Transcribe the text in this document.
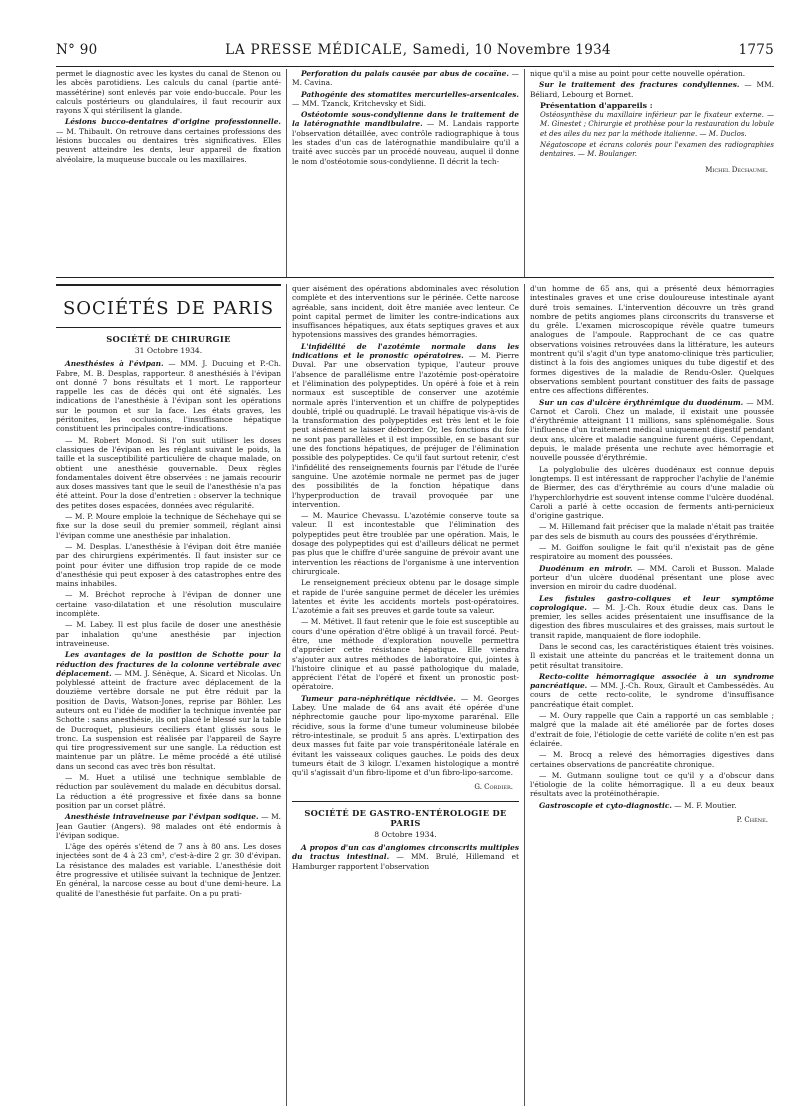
N° 90	LA PRESSE MÉDICALE, Samedi, 10 Novembre 1934	1775

permet le diagnostic avec les kystes du canal de Stenon ou les abcès parotidiens. Les calculs du canal (partie anté-massétérine) sont enlevés par voie endo-buccale. Pour les calculs postérieurs ou glandulaires, il faut recourir aux rayons X qui stérilisent la glande.

Lésions bucco-dentaires d'origine professionnelle. — M. Thibault. On retrouve dans certaines professions des lésions buccales ou dentaires très significatives. Elles peuvent atteindre les dents, leur appareil de fixation alvéolaire, la muqueuse buccale ou les maxillaires.

Perforation du palais causée par abus de cocaïne. — M. Cavina.

Pathogénie des stomatites mercurielles-arsenicales. — MM. Tzanck, Kritchevsky et Sidi.

Ostéotomie sous-condylienne dans le traitement de la latérognathie mandibulaire. — M. Landais rapporte l'observation détaillée, avec contrôle radiographique à tous les stades d'un cas de latérognathie mandibulaire qu'il a traité avec succès par un procédé nouveau, auquel il donne le nom d'ostéotomie sous-condylienne. Il décrit la tech-

nique qu'il a mise au point pour cette nouvelle opération.

Sur le traitement des fractures condyliennes. — MM. Béliard, Lebourg et Bornet.

Présentation d'appareils :

Ostéosynthèse du maxillaire inférieur par le fixateur externe. — M. Ginestet ; Chirurgie et prothèse pour la restauration du lobule et des ailes du nez par la méthode italienne. — M. Duclos.

Négatoscope et écrans colorés pour l'examen des radiographies dentaires. — M. Boulanger.

Michel Dechaume.

SOCIÉTÉS DE PARIS
SOCIÉTÉ DE CHIRURGIE

31 Octobre 1934.

Anesthésies à l'évipan. — MM. J. Ducuing et P.-Ch. Fabre, M. B. Desplas, rapporteur. 8 anesthésiés à l'évipan ont donné 7 bons résultats et 1 mort. Le rapporteur rappelle les cas de décès qui ont été signalés. Les indications de l'anesthésie à l'évipan sont les opérations sur le poumon et sur la face. Les états graves, les péritonites, les occlusions, l'insuffisance hépatique constituent les principales contre-indications.

— M. Robert Monod. Si l'on suit utiliser les doses classiques de l'évipan en les réglant suivant le poids, la taille et la susceptibilité particulière de chaque malade, on obtient une anesthésie gouvernable. Deux règles fondamentales doivent être observées : ne jamais recourir aux doses massives tant que le seuil de l'anesthésie n'a pas été atteint. Pour la dose d'entretien : observer la technique des petites doses espacées, données avec régularité.

— M. P. Moure emploie la technique de Séchehaye qui se fixe sur la dose seuil du premier sommeil, réglant ainsi l'évipan comme une anesthésie par inhalation.

— M. Desplas. L'anesthésie à l'évipan doit être maniée par des chirurgiens expérimentés. Il faut insister sur ce point pour éviter une diffusion trop rapide de ce mode d'anesthésie qui peut exposer à des catastrophes entre des mains inhabiles.

— M. Bréchot reproche à l'évipan de donner une certaine vaso-dilatation et une résolution musculaire incomplète.

— M. Labey. Il est plus facile de doser une anesthésie par inhalation qu'une anesthésie par injection intraveineuse.

Les avantages de la position de Schotte pour la réduction des fractures de la colonne vertébrale avec déplacement. — MM. J. Sénèque, A. Sicard et Nicolas. Un polyblessé atteint de fracture avec déplacement de la douzième vertèbre dorsale ne put être réduit par la position de Davis, Watson-Jones, reprise par Böhler. Les auteurs ont eu l'idée de modifier la technique inventée par Schotte : sans anesthésie, ils ont placé le blessé sur la table de Ducroquet, plusieurs ceciliers étant glissés sous le tronc. La suspension est réalisée par l'appareil de Sayre qui tire progressivement sur une sangle. La réduction est maintenue par un plâtre. Le même procédé a été utilisé dans un second cas avec très bon résultat.

— M. Huet a utilisé une technique semblable de réduction par soulèvement du malade en décubitus dorsal. La réduction a été progressive et fixée dans sa bonne position par un corset plâtré.

Anesthésie intraveineuse par l'évipan sodique. — M. Jean Gautier (Angers). 98 malades ont été endormis à l'évipan sodique.

L'âge des opérés s'étend de 7 ans à 80 ans. Les doses injectées sont de 4 à 23 cm³, c'est-à-dire 2 gr. 30 d'évipan. La résistance des malades est variable. L'anesthésie doit être progressive et utilisée suivant la technique de Jentzer. En général, la narcose cesse au bout d'une demi-heure. La qualité de l'anesthésie fut parfaite. On a pu prati-

quer aisément des opérations abdominales avec résolution complète et des interventions sur le périnée. Cette narcose agréable, sans incident, doit être maniée avec lenteur. Ce point capital permet de limiter les contre-indications aux insuffisances hépatiques, aux états septiques graves et aux hypotensions massives des grandes hémorragies.

L'infidélité de l'azotémie normale dans les indications et le pronostic opératoires. — M. Pierre Duval. Par une observation typique, l'auteur prouve l'absence de parallélisme entre l'azotémie post-opératoire et l'élimination des polypeptides. Un opéré à foie et à rein normaux est susceptible de conserver une azotémie normale après l'intervention et un chiffre de polypeptides doublé, triplé ou quadruplé. Le travail hépatique vis-à-vis de la transformation des polypeptides est très lent et le foie peut aisément se laisser déborder. Or, les fonctions du foie ne sont pas parallèles et il est impossible, en se basant sur une des fonctions hépatiques, de préjuger de l'élimination possible des polypeptides. Ce qu'il faut surtout retenir, c'est l'infidélité des renseignements fournis par l'étude de l'urée sanguine. Une azotémie normale ne permet pas de juger des possibilités de la fonction hépatique dans l'hyperproduction de travail provoquée par une intervention.

— M. Maurice Chevassu. L'azotémie conserve toute sa valeur. Il est incontestable que l'élimination des polypeptides peut être troublée par une opération. Mais, le dosage des polypeptides qui est d'ailleurs délicat ne permet pas plus que le chiffre d'urée sanguine de prévoir avant une intervention les réactions de l'organisme à une intervention chirurgicale.

Le renseignement précieux obtenu par le dosage simple et rapide de l'urée sanguine permet de déceler les urémies latentes et évite les accidents mortels post-opératoires. L'azotémie a fait ses preuves et garde toute sa valeur.

— M. Métivet. Il faut retenir que le foie est susceptible au cours d'une opération d'être obligé à un travail forcé. Peut-être, une méthode d'exploration nouvelle permettra d'apprécier cette résistance hépatique. Elle viendra s'ajouter aux autres méthodes de laboratoire qui, jointes à l'histoire clinique et au passé pathologique du malade, apprécient l'état de l'opéré et fixent un pronostic post-opératoire.

Tumeur para-néphrétique récidivée. — M. Georges Labey. Une malade de 64 ans avait été opérée d'une néphrectomie gauche pour lipo-myxome pararénal. Elle récidive, sous la forme d'une tumeur volumineuse bilobée rétro-intestinale, se produit 5 ans après. L'extirpation des deux masses fut faite par voie transpéritonéale latérale en évitant les vaisseaux coliques gauches. Le poids des deux tumeurs était de 3 kilogr. L'examen histologique a montré qu'il s'agissait d'un fibro-lipome et d'un fibro-lipo-sarcome.

G. Cordier.

SOCIÉTÉ DE GASTRO-ENTÉROLOGIE DE PARIS

8 Octobre 1934.

A propos d'un cas d'angiomes circonscrits multiples du tractus intestinal. — MM. Brulé, Hillemand et Hamburger rapportent l'observation

d'un homme de 65 ans, qui a présenté deux hémorragies intestinales graves et une crise douloureuse intestinale ayant duré trois semaines. L'intervention découvre un très grand nombre de petits angiomes plans circonscrits du transverse et du grêle. L'examen microscopique révèle quatre tumeurs analogues de l'ampoule. Rapprochant de ce cas quatre observations voisines retrouvées dans la littérature, les auteurs montrent qu'il s'agit d'un type anatomo-clinique très particulier, distinct à la fois des angiomes uniques du tube digestif et des formes digestives de la maladie de Rendu-Osler. Quelques observations semblent pourtant constituer des faits de passage entre ces affections différentes.

Sur un cas d'ulcère érythrémique du duodénum. — MM. Carnot et Caroli. Chez un malade, il existait une poussée d'érythrémie atteignant 11 millions, sans splénomégalie. Sous l'influence d'un traitement médical uniquement digestif pendant deux ans, ulcère et maladie sanguine furent guéris. Cependant, depuis, le malade présenta une rechute avec hémorragie et nouvelle poussée d'érythrémie.

La polyglobulie des ulcères duodénaux est connue depuis longtemps. Il est intéressant de rapprocher l'achylie de l'anémie de Biermer, des cas d'érythrémie au cours d'une maladie où l'hyperchlorhydrie est souvent intense comme l'ulcère duodénal. Caroli a parlé à cette occasion de ferments anti-pernicieux d'origine gastrique.

— M. Hillemand fait préciser que la malade n'était pas traitée par des sels de bismuth au cours des poussées d'érythrémie.

— M. Goiffon souligne le fait qu'il n'existait pas de gêne respiratoire au moment des poussées.

Duodénum en miroir. — MM. Caroli et Busson. Malade porteur d'un ulcère duodénal présentant une plose avec inversion en miroir du cadre duodénal.

Les fistules gastro-coliques et leur symptôme coprologique. — M. J.-Ch. Roux étudie deux cas. Dans le premier, les selles acides présentaient une insuffisance de la digestion des fibres musculaires et des graisses, mais surtout le transit rapide, manquaient de flore iodophile.

Dans le second cas, les caractéristiques étaient très voisines. Il existait une atteinte du pancréas et le traitement donna un petit résultat transitoire.

Recto-colite hémorragique associée à un syndrome pancréatique. — MM. J.-Ch. Roux, Girault et Cambessédès. Au cours de cette recto-colite, le syndrome d'insuffisance pancréatique était complet.

— M. Oury rappelle que Cain a rapporté un cas semblable ; malgré que la malade ait été améliorée par de fortes doses d'extrait de foie, l'étiologie de cette variété de colite n'en est pas éclairée.

— M. Brocq a relevé des hémorragies digestives dans certaines observations de pancréatite chronique.

— M. Gutmann souligne tout ce qu'il y a d'obscur dans l'étiologie de la colite hémorragique. Il a eu deux beaux résultats avec la protéinothérapie.

Gastroscopie et cyto-diagnostic. — M. F. Moutier.

P. Chêne.
